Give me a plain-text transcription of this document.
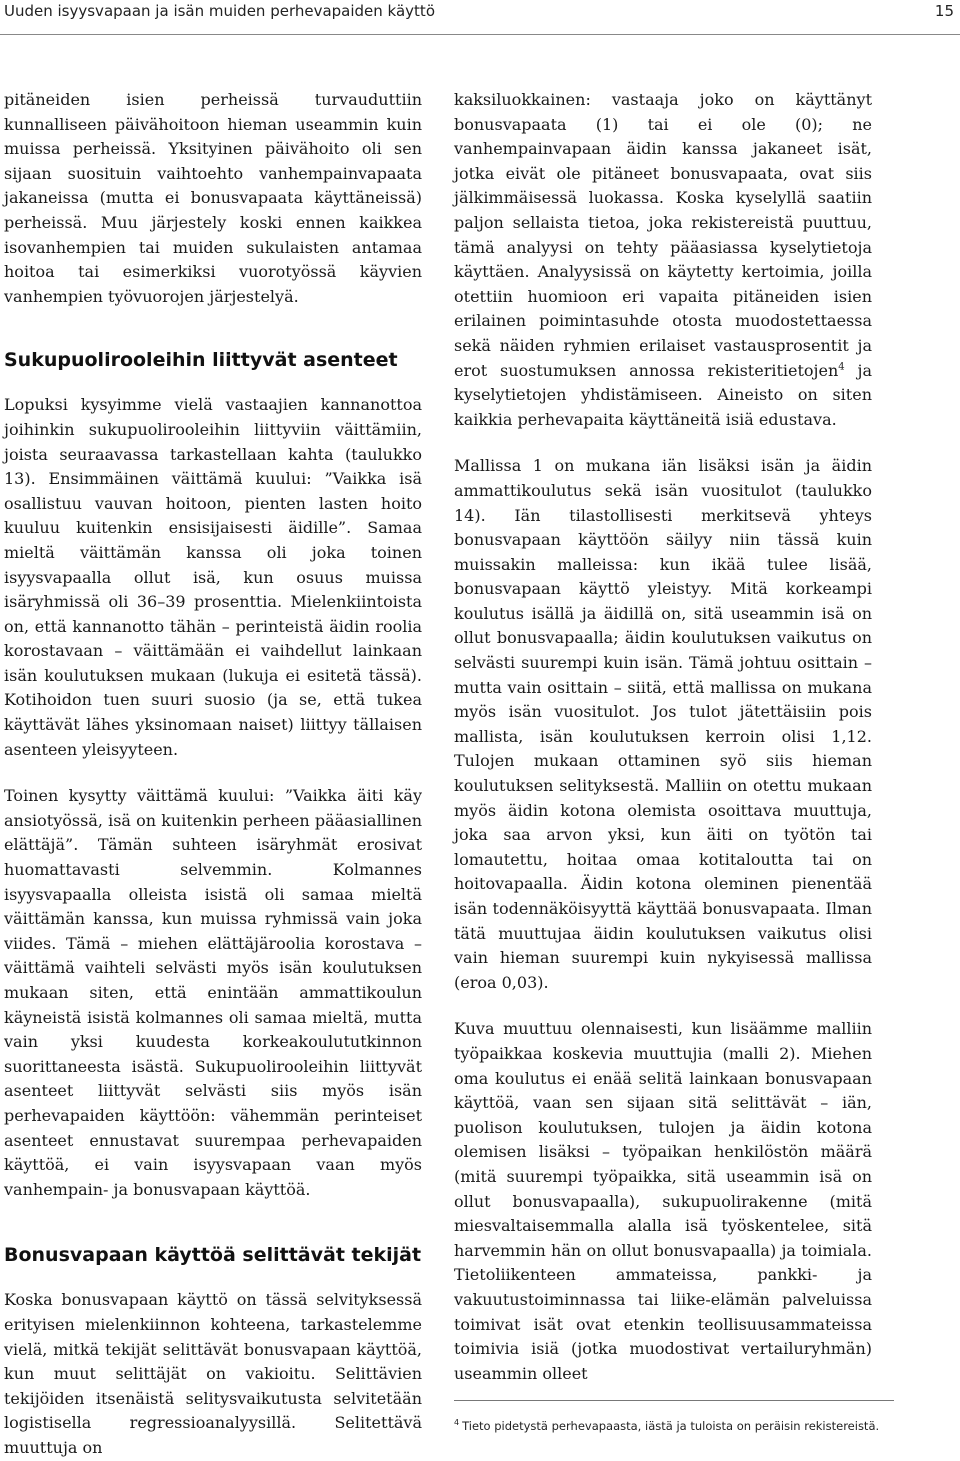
Uuden isyysvapaan ja isän muiden perhevapaiden käyttö	15

pitäneiden isien perheissä turvauduttiin kunnalliseen päivähoitoon hieman useammin kuin muissa perheissä. Yksityinen päivähoito oli sen sijaan suosituin vaihtoehto vanhempainvapaata jakaneissa (mutta ei bonusvapaata käyttäneissä) perheissä. Muu järjestely koski ennen kaikkea isovanhempien tai muiden sukulaisten antamaa hoitoa tai esimerkiksi vuorotyössä käyvien vanhempien työvuorojen järjestelyä.

Sukupuolirooleihin liittyvät asenteet

Lopuksi kysyimme vielä vastaajien kannanottoa joihinkin sukupuolirooleihin liittyviin väittämiin, joista seuraavassa tarkastellaan kahta (taulukko 13). Ensimmäinen väittämä kuului: ”Vaikka isä osallistuu vauvan hoitoon, pienten lasten hoito kuuluu kuitenkin ensisijaisesti äidille”. Samaa mieltä väittämän kanssa oli joka toinen isyysvapaalla ollut isä, kun osuus muissa isäryhmissä oli 36–39 prosenttia. Mielenkiintoista on, että kannanotto tähän – perinteistä äidin roolia korostavaan – väittämään ei vaihdellut lainkaan isän koulutuksen mukaan (lukuja ei esitetä tässä). Kotihoidon tuen suuri suosio (ja se, että tukea käyttävät lähes yksinomaan naiset) liittyy tällaisen asenteen yleisyyteen.

Toinen kysytty väittämä kuului: ”Vaikka äiti käy ansiotyössä, isä on kuitenkin perheen pääasiallinen elättäjä”. Tämän suhteen isäryhmät erosivat huomattavasti selvemmin. Kolmannes isyysvapaalla olleista isistä oli samaa mieltä väittämän kanssa, kun muissa ryhmissä vain joka viides. Tämä – miehen elättäjäroolia korostava – väittämä vaihteli selvästi myös isän koulutuksen mukaan siten, että enintään ammattikoulun käyneistä isistä kolmannes oli samaa mieltä, mutta vain yksi kuudesta korkeakoulututkinnon suorittaneesta isästä. Sukupuolirooleihin liittyvät asenteet liittyvät selvästi siis myös isän perhevapaiden käyttöön: vähemmän perinteiset asenteet ennustavat suurempaa perhevapaiden käyttöä, ei vain isyysvapaan vaan myös vanhempain- ja bonusvapaan käyttöä.

Bonusvapaan käyttöä selittävät tekijät

Koska bonusvapaan käyttö on tässä selvityksessä erityisen mielenkiinnon kohteena, tarkastelemme vielä, mitkä tekijät selittävät bonusvapaan käyttöä, kun muut selittäjät on vakioitu. Selittävien tekijöiden itsenäistä selitysvaikutusta selvitetään logistisella regressioanalyysillä. Selitettävä muuttuja on

kaksiluokkainen: vastaaja joko on käyttänyt bonusvapaata (1) tai ei ole (0); ne vanhempainvapaan äidin kanssa jakaneet isät, jotka eivät ole pitäneet bonusvapaata, ovat siis jälkimmäisessä luokassa. Koska kyselyllä saatiin paljon sellaista tietoa, joka rekistereistä puuttuu, tämä analyysi on tehty pääasiassa kyselytietoja käyttäen. Analyysissä on käytetty kertoimia, joilla otettiin huomioon eri vapaita pitäneiden isien erilainen poimintasuhde otosta muodostettaessa sekä näiden ryhmien erilaiset vastausprosentit ja erot suostumuksen annossa rekisteritietojen$^4$ ja kyselytietojen yhdistämiseen. Aineisto on siten kaikkia perhevapaita käyttäneitä isiä edustava.

Mallissa 1 on mukana iän lisäksi isän ja äidin ammattikoulutus sekä isän vuositulot (taulukko 14). Iän tilastollisesti merkitsevä yhteys bonusvapaan käyttöön säilyy niin tässä kuin muissakin malleissa: kun ikää tulee lisää, bonusvapaan käyttö yleistyy. Mitä korkeampi koulutus isällä ja äidillä on, sitä useammin isä on ollut bonusvapaalla; äidin koulutuksen vaikutus on selvästi suurempi kuin isän. Tämä johtuu osittain – mutta vain osittain – siitä, että mallissa on mukana myös isän vuositulot. Jos tulot jätettäisiin pois mallista, isän koulutuksen kerroin olisi 1,12. Tulojen mukaan ottaminen syö siis hieman koulutuksen selityksestä. Malliin on otettu mukaan myös äidin kotona olemista osoittava muuttuja, joka saa arvon yksi, kun äiti on työtön tai lomautettu, hoitaa omaa kotitaloutta tai on hoitovapaalla. Äidin kotona oleminen pienentää isän todennäköisyyttä käyttää bonusvapaata. Ilman tätä muuttujaa äidin koulutuksen vaikutus olisi vain hieman suurempi kuin nykyisessä mallissa (eroa 0,03).

Kuva muuttuu olennaisesti, kun lisäämme malliin työpaikkaa koskevia muuttujia (malli 2). Miehen oma koulutus ei enää selitä lainkaan bonusvapaan käyttöä, vaan sen sijaan sitä selittävät – iän, puolison koulutuksen, tulojen ja äidin kotona olemisen lisäksi – työpaikan henkilöstön määrä (mitä suurempi työpaikka, sitä useammin isä on ollut bonusvapaalla), sukupuolirakenne (mitä miesvaltaisemmalla alalla isä työskentelee, sitä harvemmin hän on ollut bonusvapaalla) ja toimiala. Tietoliikenteen ammateissa, pankki- ja vakuutustoiminnassa tai liike-elämän palveluissa toimivat isät ovat etenkin teollisuusammateissa toimivia isiä (jotka muodostivat vertailuryhmän) useammin olleet

$^4$ Tieto pidetystä perhevapaasta, iästä ja tuloista on peräisin rekistereistä.
